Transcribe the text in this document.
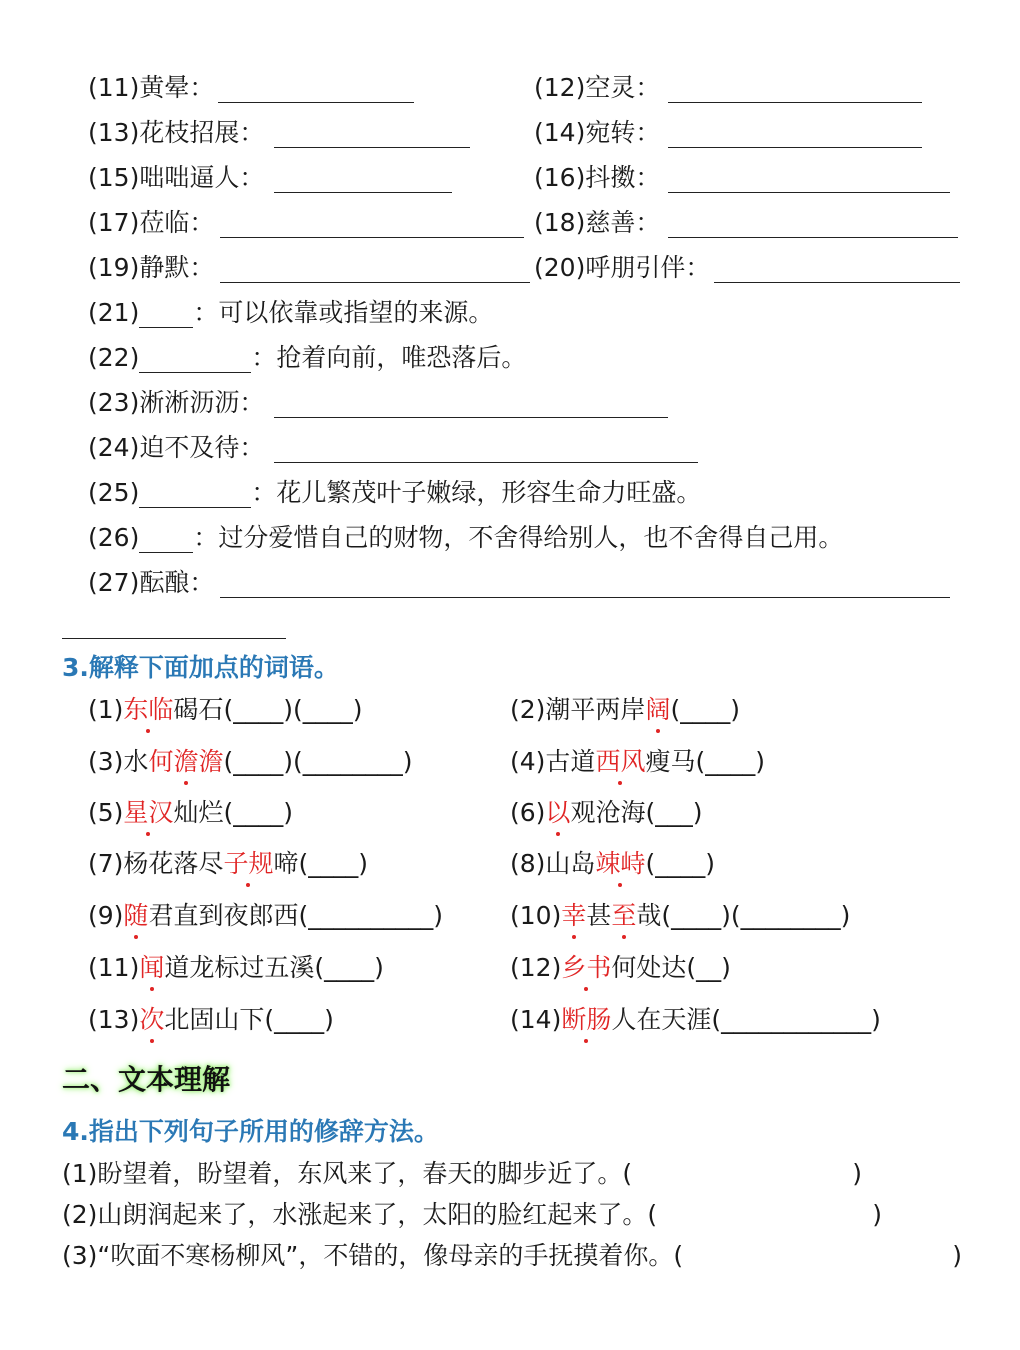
(11)黄晕：	(12)空灵：
(13)花枝招展：	(14)宛转：
(15)咄咄逼人：	(16)抖擞：
(17)莅临：	(18)慈善：
(19)静默：	(20)呼朋引伴：
(21) ：可以依靠或指望的来源。
(22)	：抢着向前，唯恐落后。
(23)淅淅沥沥：
(24)迫不及待：
(25)	：花儿繁茂叶子嫩绿，形容生命力旺盛。
(26) ：过分爱惜自己的财物，不舍得给别人，也不舍得自己用。
(27)酝酿：
3.解释下面加点的词语。
(1) 东临 碣石 (____)(____)	(2) 潮平两岸 阔 (____)
(3) 水 何澹澹 (____)(________)	(4) 古道 西风 瘦马 (____)
(5) 星汉 灿烂 (____)	(6) 以 观沧海 (___)
(7) 杨花落尽 子规 啼 (____)	(8) 山岛 竦峙 (____)
(9) 随 君直到夜郎西 (__________)	(10) 幸 甚 至 哉 (____)(________)
(11) 闻 道龙标过五溪 (____)	(12) 乡书 何处达 (__)
(13) 次 北固山下 (____)	(14) 断肠 人在天涯 (____________)
二、文本理解
4.指出下列句子所用的修辞方法。
(1)盼望着，盼望着，东风来了，春天的脚步近了。(	)
(2)山朗润起来了，水涨起来了，太阳的脸红起来了。(	)
(3)“吹面不寒杨柳风”，不错的，像母亲的手抚摸着你。(	)
